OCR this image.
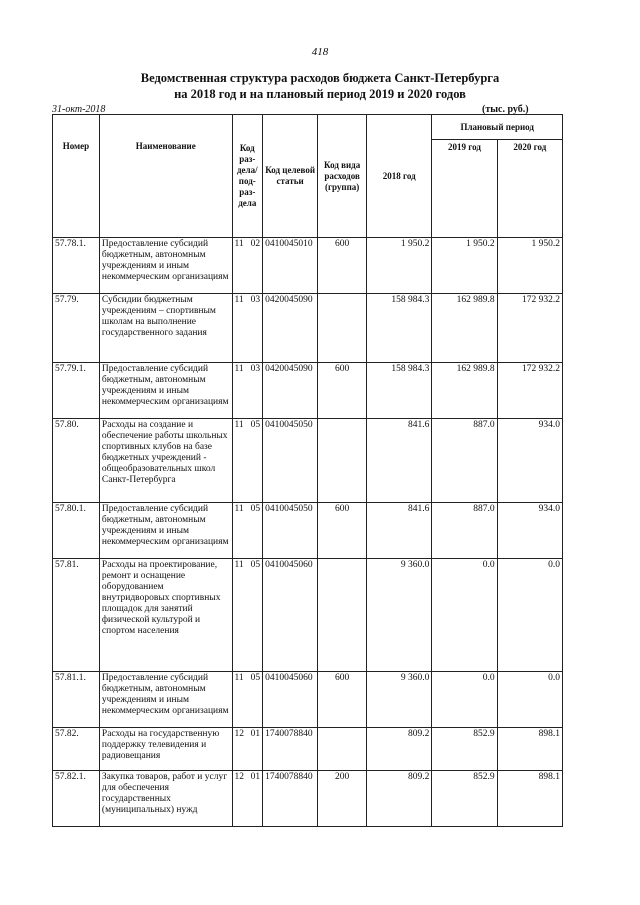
418
Ведомственная структура расходов бюджета Санкт-Петербурга
на 2018 год и на плановый период 2019 и 2020 годов
31-окт-2018	(тыс. руб.)
Номер	Наименование	Код раз- дела/ под- раз- дела		Код целевой статьи	Код вида расходов (группа)	2018 год	Плановый период	
							2019 год	2020 год
57.78.1.	Предоставление субсидий бюджетным, автономным учреждениям и иным некоммерческим организациям	11	02	0410045010	600	1 950.2	1 950.2	1 950.2
57.79.	Субсидии бюджетным учреждениям – спортивным школам на выполнение государственного задания	11	03	0420045090		158 984.3	162 989.8	172 932.2
57.79.1.	Предоставление субсидий бюджетным, автономным учреждениям и иным некоммерческим организациям	11	03	0420045090	600	158 984.3	162 989.8	172 932.2
57.80.	Расходы на создание и обеспечение работы школьных спортивных клубов на базе бюджетных учреждений - общеобразовательных школ Санкт-Петербурга	11	05	0410045050		841.6	887.0	934.0
57.80.1.	Предоставление субсидий бюджетным, автономным учреждениям и иным некоммерческим организациям	11	05	0410045050	600	841.6	887.0	934.0
57.81.	Расходы на проектирование, ремонт и оснащение оборудованием внутридворовых спортивных площадок для занятий физической культурой и спортом населения	11	05	0410045060		9 360.0	0.0	0.0
57.81.1.	Предоставление субсидий бюджетным, автономным учреждениям и иным некоммерческим организациям	11	05	0410045060	600	9 360.0	0.0	0.0
57.82.	Расходы на государственную поддержку телевидения и радиовещания	12	01	1740078840		809.2	852.9	898.1
57.82.1.	Закупка товаров, работ и услуг для обеспечения государственных (муниципальных) нужд	12	01	1740078840	200	809.2	852.9	898.1
